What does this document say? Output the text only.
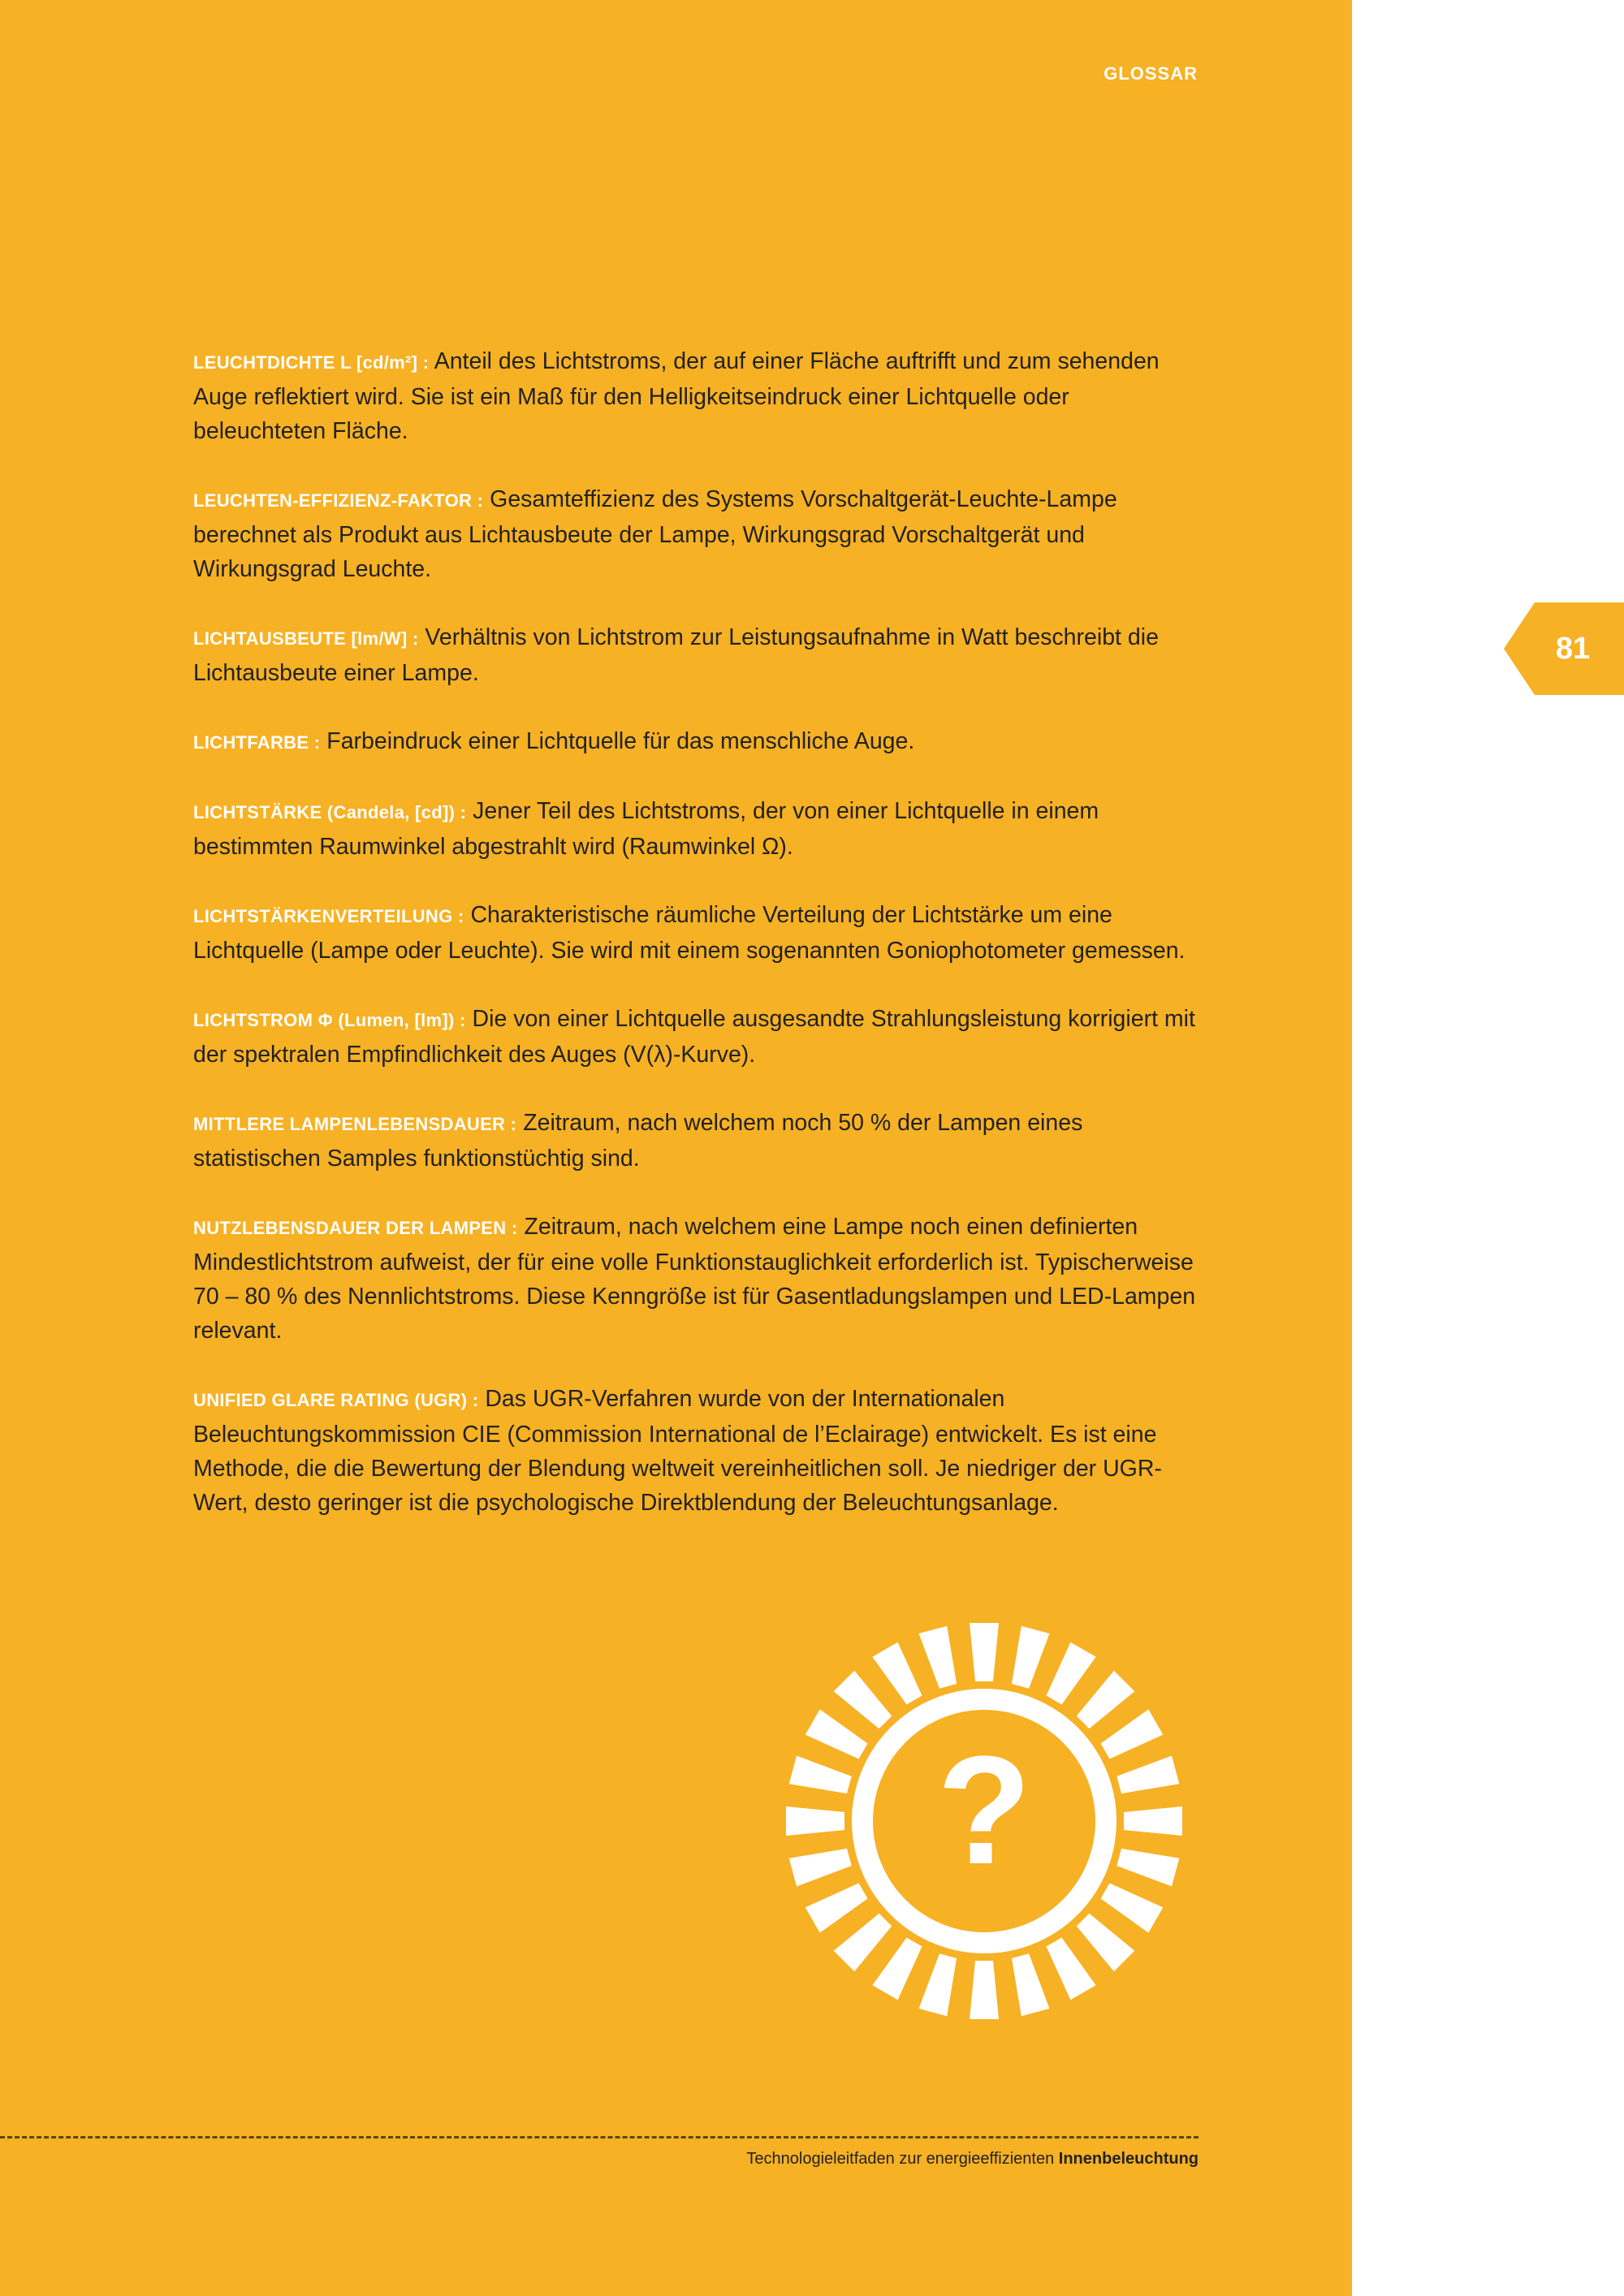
GLOSSAR
81

LEUCHTDICHTE L [cd/m²] : Anteil des Lichtstroms, der auf einer Fläche auftrifft und zum sehenden Auge reflektiert wird. Sie ist ein Maß für den Helligkeitseindruck einer Lichtquelle oder beleuchteten Fläche.

LEUCHTEN-EFFIZIENZ-FAKTOR : Gesamteffizienz des Systems Vorschaltgerät-Leuchte-Lampe berechnet als Produkt aus Lichtausbeute der Lampe, Wirkungsgrad Vorschaltgerät und Wirkungsgrad Leuchte.

LICHTAUSBEUTE [lm/W] : Verhältnis von Lichtstrom zur Leistungsaufnahme in Watt beschreibt die Lichtausbeute einer Lampe.

LICHTFARBE : Farbeindruck einer Lichtquelle für das menschliche Auge.

LICHTSTÄRKE (Candela, [cd]) : Jener Teil des Lichtstroms, der von einer Lichtquelle in einem bestimmten Raumwinkel abgestrahlt wird (Raumwinkel Ω).

LICHTSTÄRKENVERTEILUNG : Charakteristische räumliche Verteilung der Lichtstärke um eine Lichtquelle (Lampe oder Leuchte). Sie wird mit einem sogenannten Goniophotometer gemessen.

LICHTSTROM Φ (Lumen, [lm]) : Die von einer Lichtquelle ausgesandte Strahlungsleistung korrigiert mit der spektralen Empfindlichkeit des Auges (V(λ)-Kurve).

MITTLERE LAMPENLEBENSDAUER : Zeitraum, nach welchem noch 50 % der Lampen eines statistischen Samples funktionstüchtig sind.

NUTZLEBENSDAUER DER LAMPEN : Zeitraum, nach welchem eine Lampe noch einen definierten Mindestlichtstrom aufweist, der für eine volle Funktionstauglichkeit erforderlich ist. Typischerweise 70 – 80 % des Nennlichtstroms. Diese Kenngröße ist für Gasentladungslampen und LED-Lampen relevant.

UNIFIED GLARE RATING (UGR) : Das UGR-Verfahren wurde von der Internationalen Beleuchtungskommission CIE (Commission International de l’Eclairage) entwickelt. Es ist eine Methode, die die Bewertung der Blendung weltweit vereinheitlichen soll. Je niedriger der UGR-Wert, desto geringer ist die psychologische Direktblendung der Beleuchtungsanlage.

?
Technologieleitfaden zur energieeffizienten Innenbeleuchtung
